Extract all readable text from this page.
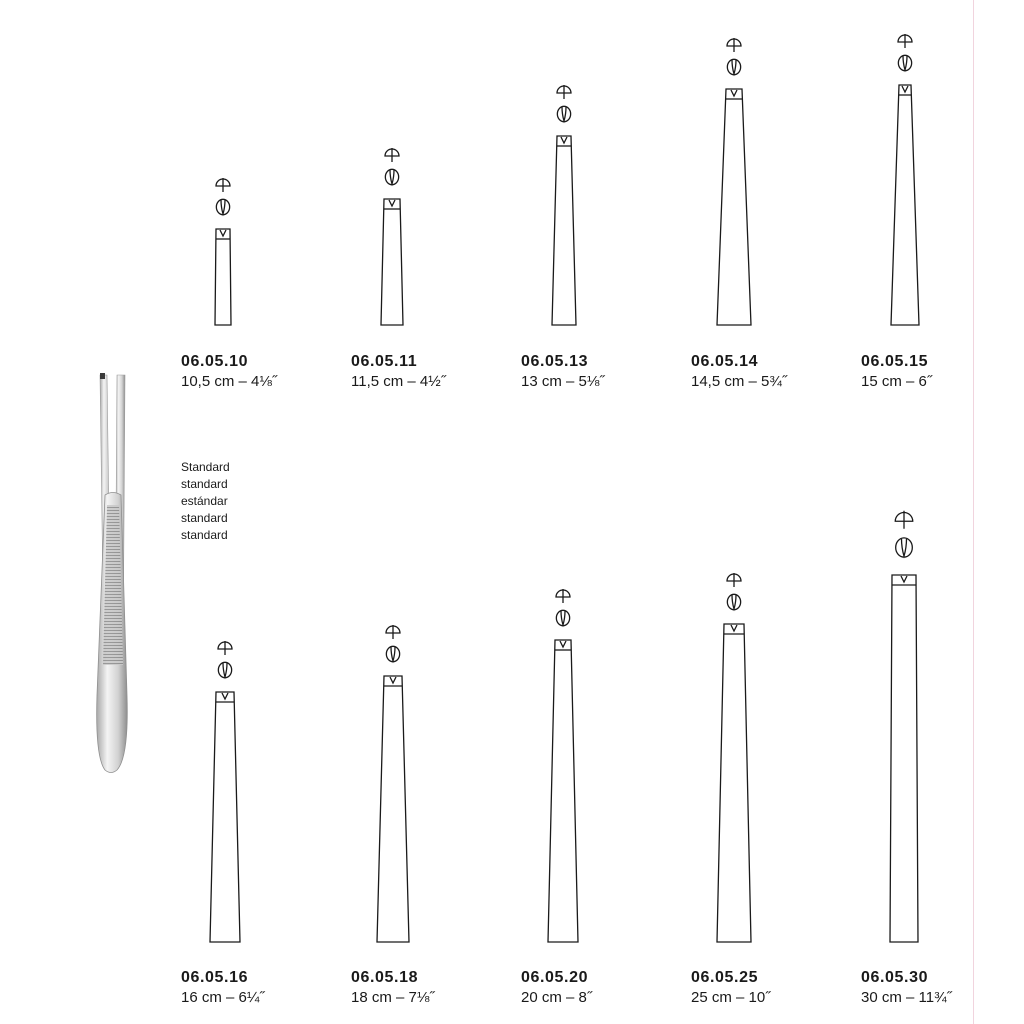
06.05.10
10,5 cm – 4⅛˝
06.05.11
11,5 cm – 4½˝
06.05.13
13 cm – 5⅛˝
06.05.14
14,5 cm – 5¾˝
06.05.15
15 cm – 6˝
06.05.16
16 cm – 6¼˝
06.05.18
18 cm – 7⅛˝
06.05.20
20 cm – 8˝
06.05.25
25 cm – 10˝
06.05.30
30 cm – 11¾˝
Standard
standard
estándar
standard
standard
